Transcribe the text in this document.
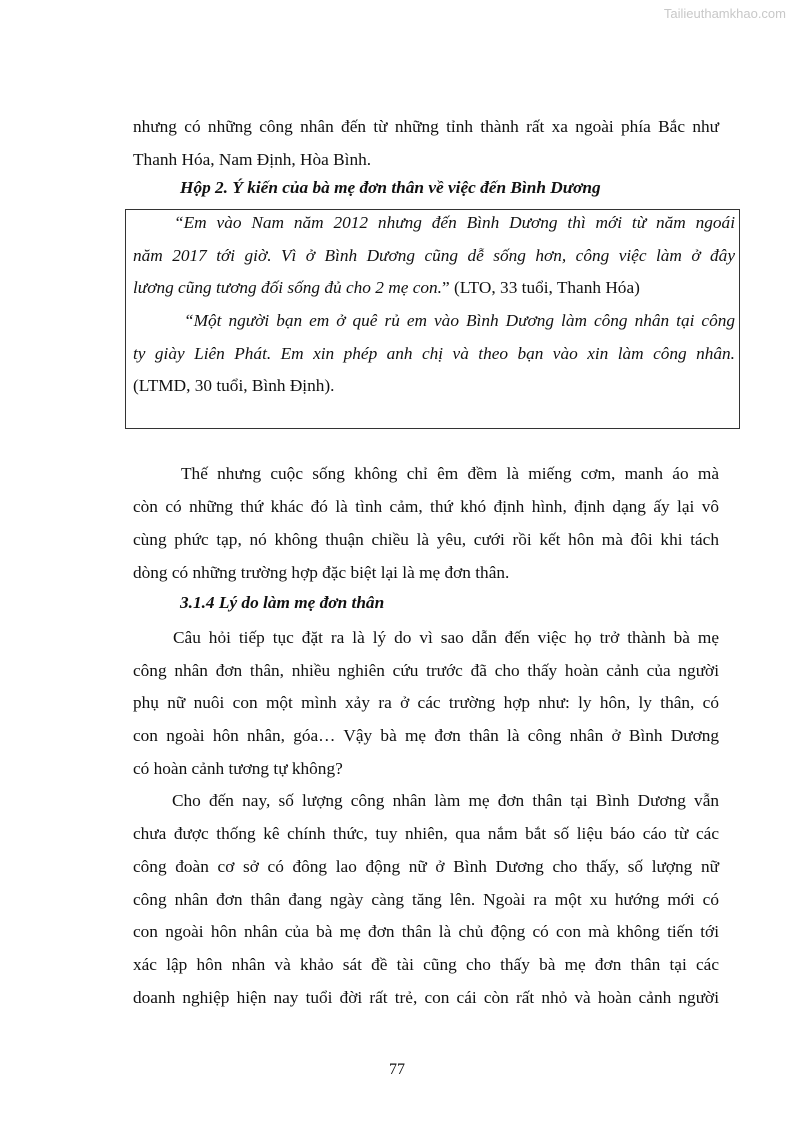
Tailieuthamkhao.com
nhưng có những công nhân đến từ những tỉnh thành rất xa ngoài phía Bắc như
Thanh Hóa, Nam Định, Hòa Bình.
Hộp 2. Ý kiến của bà mẹ đơn thân về việc đến Bình Dương
“Em vào Nam năm 2012 nhưng đến Bình Dương thì mới từ năm ngoái
năm 2017 tới giờ. Vì ở Bình Dương cũng dễ sống hơn, công việc làm ở đây
lương cũng tương đối sống đủ cho 2 mẹ con.” (LTO, 33 tuổi, Thanh Hóa)
“Một người bạn em ở quê rủ em vào Bình Dương làm công nhân tại công
ty giày Liên Phát. Em xin phép anh chị và theo bạn vào xin làm công nhân.
(LTMD, 30 tuổi, Bình Định).
Thế nhưng cuộc sống không chỉ êm đềm là miếng cơm, manh áo mà
còn có những thứ khác đó là tình cảm, thứ khó định hình, định dạng ấy lại vô
cùng phức tạp, nó không thuận chiều là yêu, cưới rồi kết hôn mà đôi khi tách
dòng có những trường hợp đặc biệt lại là mẹ đơn thân.
3.1.4 Lý do làm mẹ đơn thân
Câu hỏi tiếp tục đặt ra là lý do vì sao dẫn đến việc họ trở thành bà mẹ
công nhân đơn thân, nhiều nghiên cứu trước đã cho thấy hoàn cảnh của người
phụ nữ nuôi con một mình xảy ra ở các trường hợp như: ly hôn, ly thân, có
con ngoài hôn nhân, góa… Vậy bà mẹ đơn thân là công nhân ở Bình Dương
có hoàn cảnh tương tự không?
Cho đến nay, số lượng công nhân làm mẹ đơn thân tại Bình Dương vẫn
chưa được thống kê chính thức, tuy nhiên, qua nắm bắt số liệu báo cáo từ các
công đoàn cơ sở có đông lao động nữ ở Bình Dương cho thấy, số lượng nữ
công nhân đơn thân đang ngày càng tăng lên. Ngoài ra một xu hướng mới có
con ngoài hôn nhân của bà mẹ đơn thân là chủ động có con mà không tiến tới
xác lập hôn nhân và khảo sát đề tài cũng cho thấy bà mẹ đơn thân tại các
doanh nghiệp hiện nay tuổi đời rất trẻ, con cái còn rất nhỏ và hoàn cảnh người
77
